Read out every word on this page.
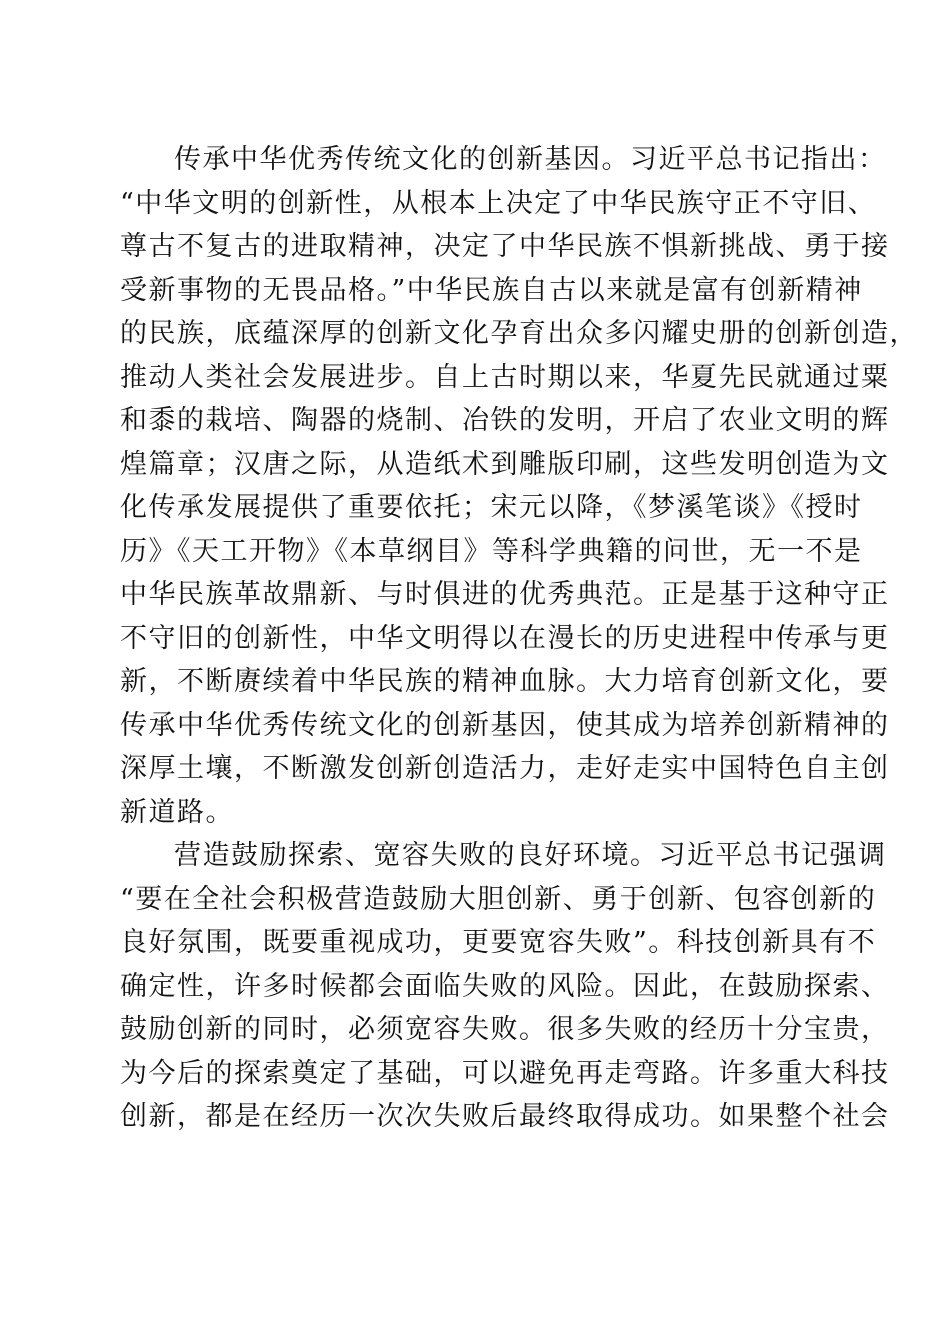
传承中华优秀传统文化的创新基因。习近平总书记指出：
“中华文明的创新性，从根本上决定了中华民族守正不守旧、
尊古不复古的进取精神，决定了中华民族不惧新挑战、勇于接
受新事物的无畏品格。”中华民族自古以来就是富有创新精神
的民族，底蕴深厚的创新文化孕育出众多闪耀史册的创新创造，
推动人类社会发展进步。自上古时期以来，华夏先民就通过粟
和黍的栽培、陶器的烧制、冶铁的发明，开启了农业文明的辉
煌篇章；汉唐之际，从造纸术到雕版印刷，这些发明创造为文
化传承发展提供了重要依托；宋元以降，《梦溪笔谈》《授时
历》《天工开物》《本草纲目》等科学典籍的问世，无一不是
中华民族革故鼎新、与时俱进的优秀典范。正是基于这种守正
不守旧的创新性，中华文明得以在漫长的历史进程中传承与更
新，不断赓续着中华民族的精神血脉。大力培育创新文化，要
传承中华优秀传统文化的创新基因，使其成为培养创新精神的
深厚土壤，不断激发创新创造活力，走好走实中国特色自主创
新道路。
营造鼓励探索、宽容失败的良好环境。习近平总书记强调
“要在全社会积极营造鼓励大胆创新、勇于创新、包容创新的
良好氛围，既要重视成功，更要宽容失败”。科技创新具有不
确定性，许多时候都会面临失败的风险。因此，在鼓励探索、
鼓励创新的同时，必须宽容失败。很多失败的经历十分宝贵，
为今后的探索奠定了基础，可以避免再走弯路。许多重大科技
创新，都是在经历一次次失败后最终取得成功。如果整个社会
